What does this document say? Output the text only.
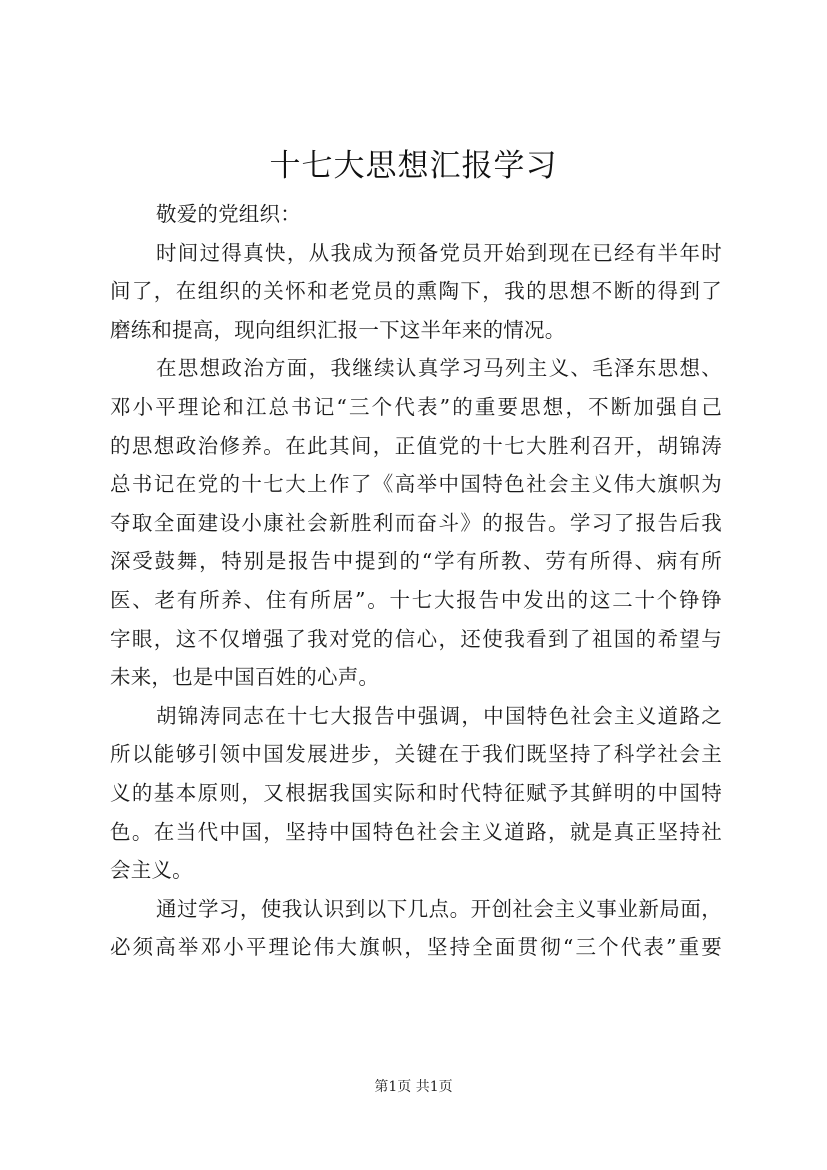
十七大思想汇报学习
敬爱的党组织：
时间过得真快，从我成为预备党员开始到现在已经有半年时
间了，在组织的关怀和老党员的熏陶下，我的思想不断的得到了
磨练和提高，现向组织汇报一下这半年来的情况。
在思想政治方面，我继续认真学习马列主义、毛泽东思想、
邓小平理论和江总书记“三个代表”的重要思想，不断加强自己
的思想政治修养。在此其间，正值党的十七大胜利召开，胡锦涛
总书记在党的十七大上作了《高举中国特色社会主义伟大旗帜为
夺取全面建设小康社会新胜利而奋斗》的报告。学习了报告后我
深受鼓舞，特别是报告中提到的“学有所教、劳有所得、病有所
医、老有所养、住有所居”。十七大报告中发出的这二十个铮铮
字眼，这不仅增强了我对党的信心，还使我看到了祖国的希望与
未来，也是中国百姓的心声。
胡锦涛同志在十七大报告中强调，中国特色社会主义道路之
所以能够引领中国发展进步，关键在于我们既坚持了科学社会主
义的基本原则，又根据我国实际和时代特征赋予其鲜明的中国特
色。在当代中国，坚持中国特色社会主义道路，就是真正坚持社
会主义。
通过学习，使我认识到以下几点。开创社会主义事业新局面，
必须高举邓小平理论伟大旗帜，坚持全面贯彻“三个代表”重要
第1页 共1页
